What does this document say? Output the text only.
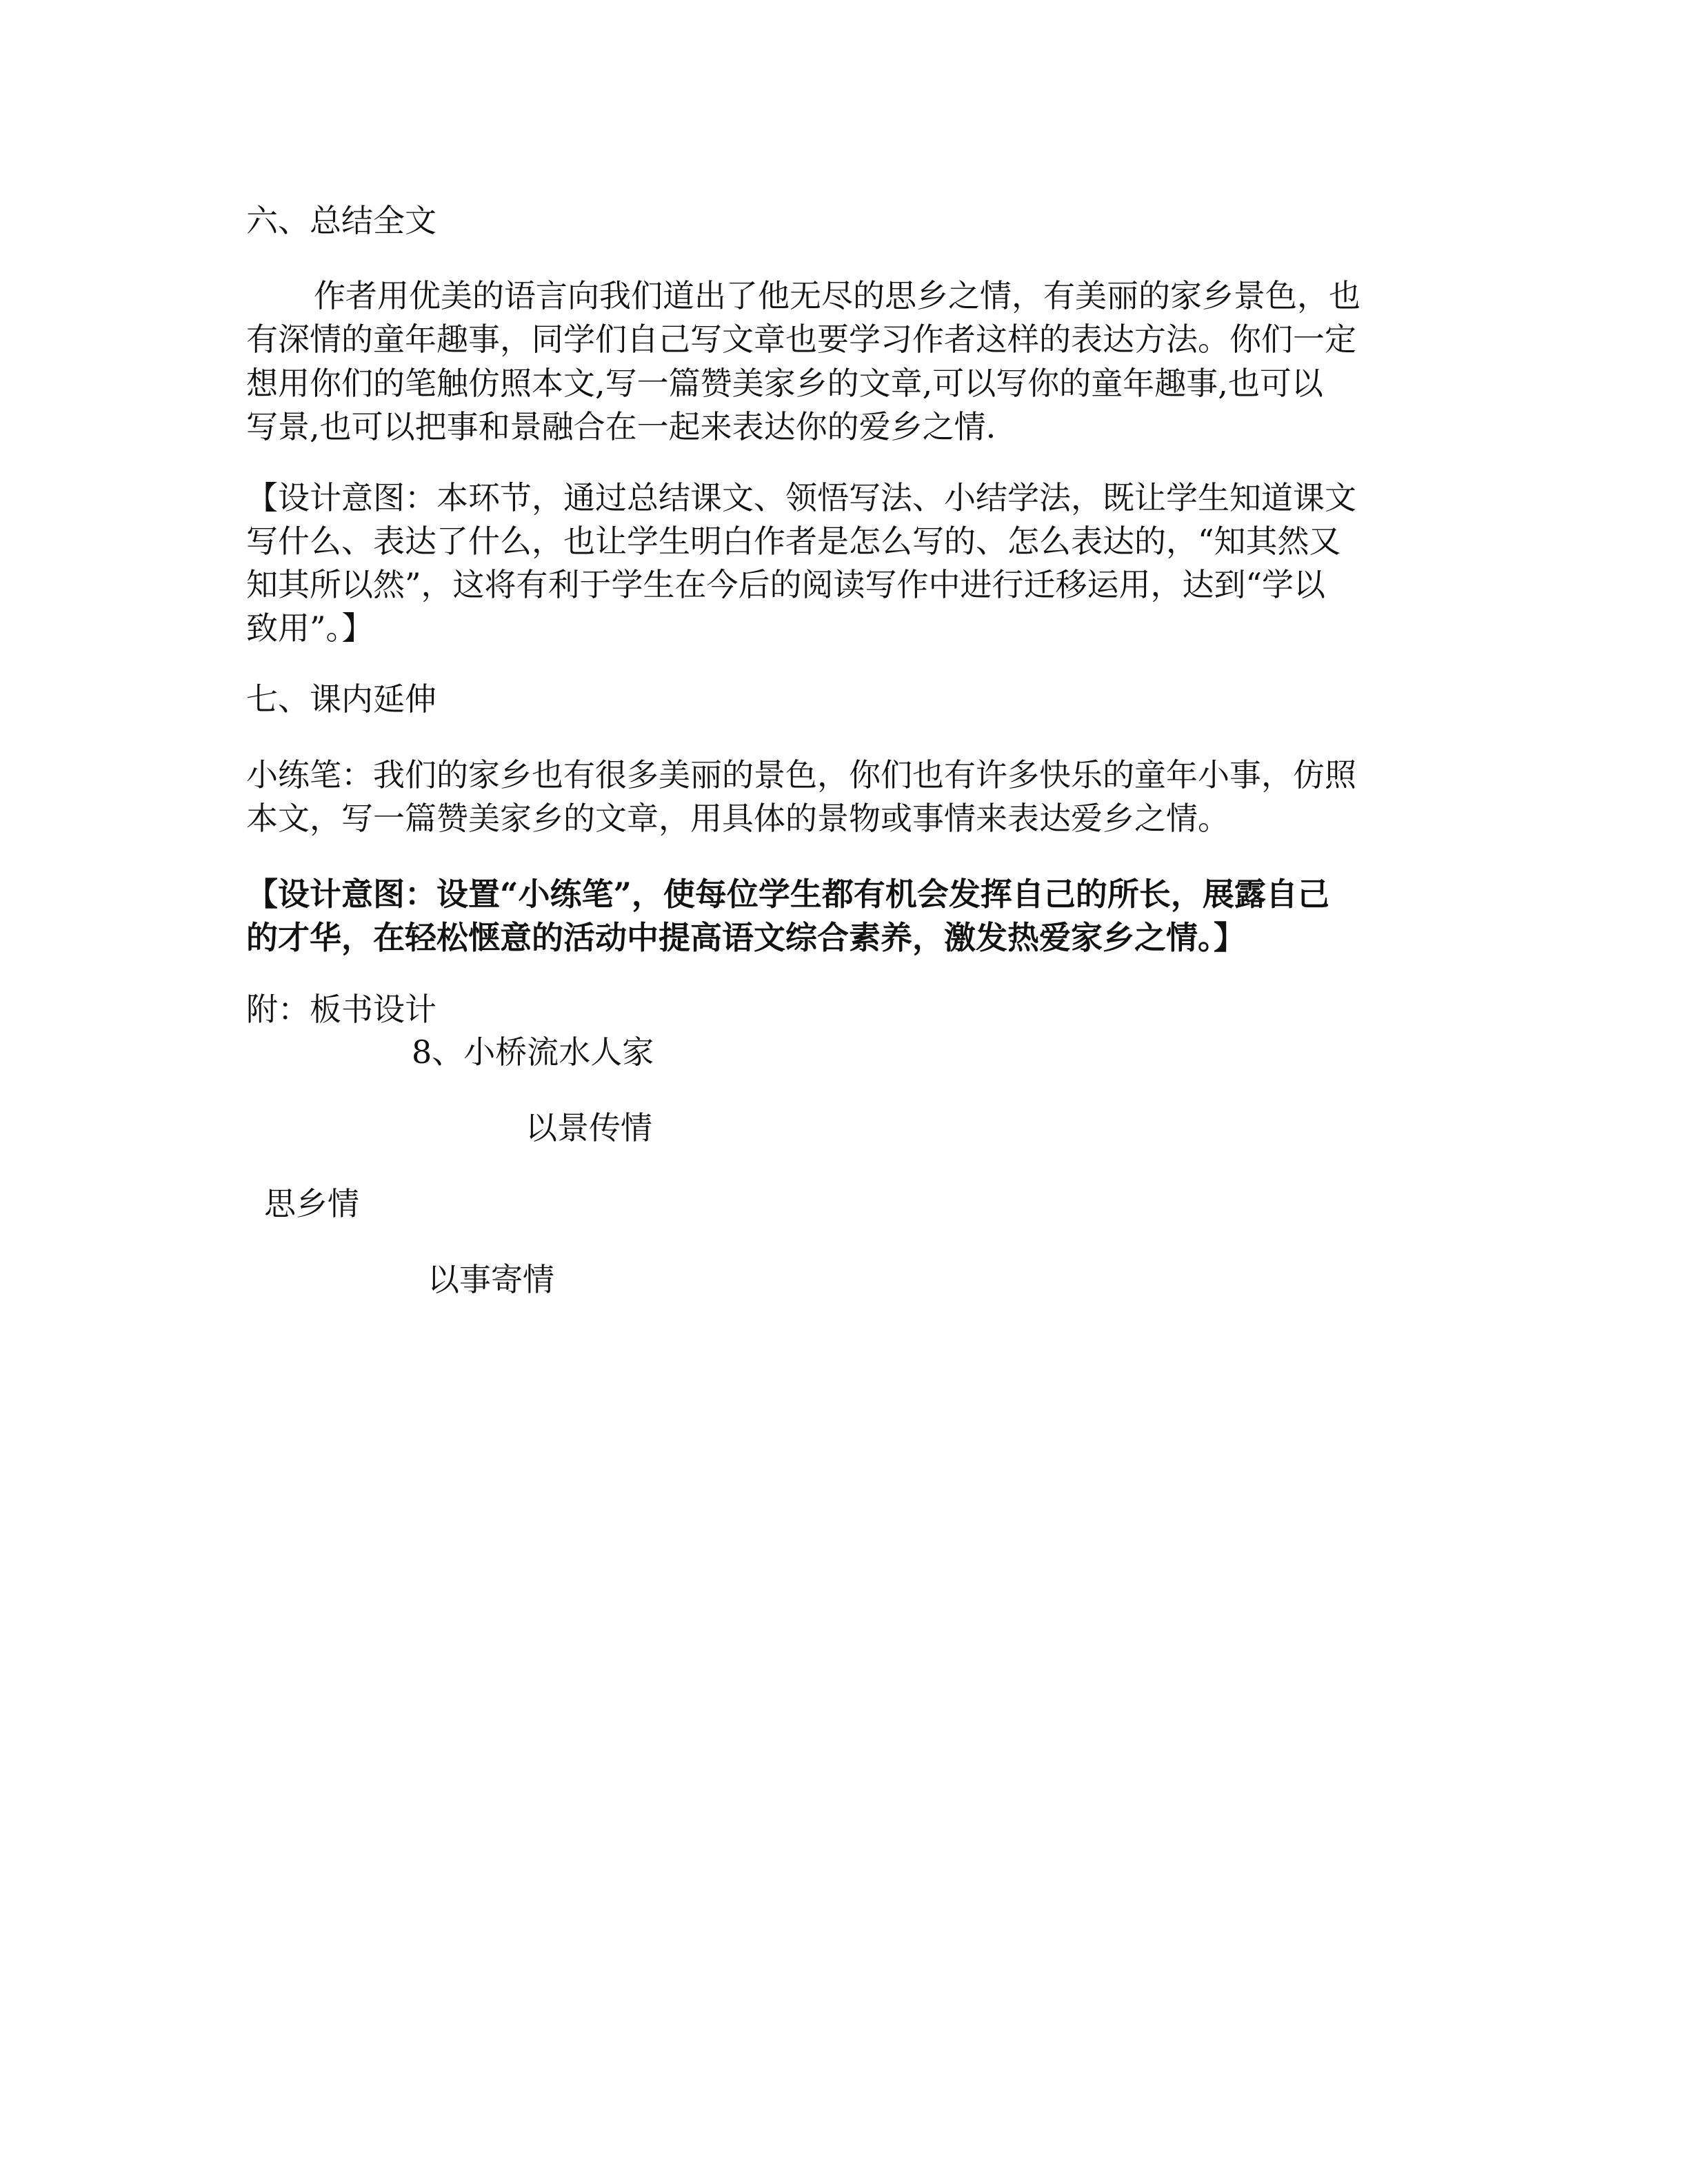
六、总结全文
作者用优美的语言向我们道出了他无尽的思乡之情，有美丽的家乡景色，也
有深情的童年趣事，同学们自己写文章也要学习作者这样的表达方法。你们一定
想用你们的笔触仿照本文,写一篇赞美家乡的文章,可以写你的童年趣事,也可以
写景,也可以把事和景融合在一起来表达你的爱乡之情.
【设计意图：本环节，通过总结课文、领悟写法、小结学法，既让学生知道课文
写什么、表达了什么，也让学生明白作者是怎么写的、怎么表达的，“知其然又
知其所以然”，这将有利于学生在今后的阅读写作中进行迁移运用，达到“学以
致用”。】
七、课内延伸
小练笔：我们的家乡也有很多美丽的景色，你们也有许多快乐的童年小事，仿照
本文，写一篇赞美家乡的文章，用具体的景物或事情来表达爱乡之情。
【设计意图：设置“小练笔”，使每位学生都有机会发挥自己的所长，展露自己
的才华，在轻松惬意的活动中提高语文综合素养，激发热爱家乡之情。】
附：板书设计
8、小桥流水人家
以景传情
思乡情
以事寄情
